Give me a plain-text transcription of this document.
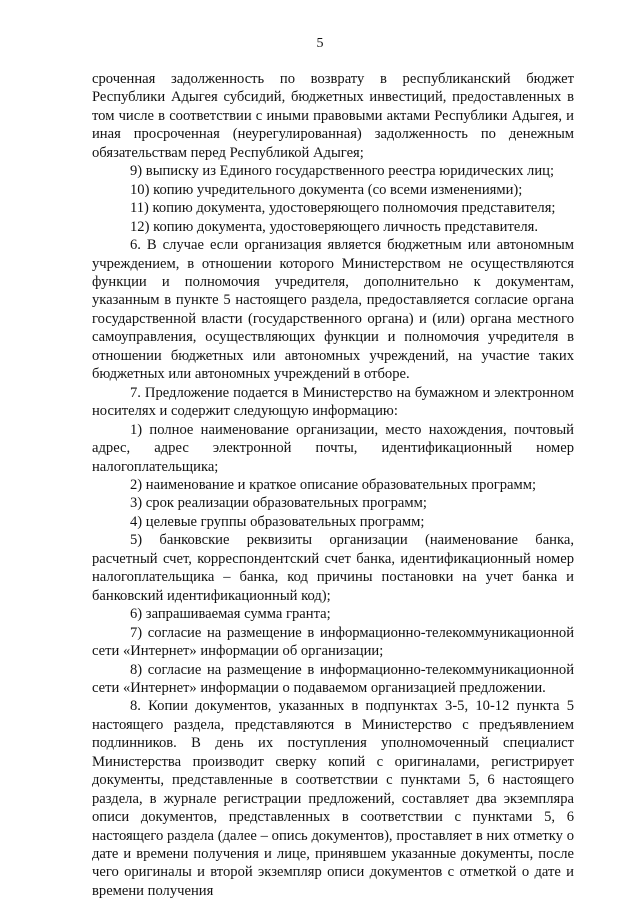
5

сроченная задолженность по возврату в республиканский бюджет Республики Адыгея субсидий, бюджетных инвестиций, предоставленных в том числе в соответствии с иными правовыми актами Республики Адыгея, и иная просроченная (неурегулированная) задолженность по денежным обязательствам перед Республикой Адыгея;

9) выписку из Единого государственного реестра юридических лиц;

10) копию учредительного документа (со всеми изменениями);

11) копию документа, удостоверяющего полномочия представителя;

12) копию документа, удостоверяющего личность представителя.

6. В случае если организация является бюджетным или автономным учреждением, в отношении которого Министерством не осуществляются функции и полномочия учредителя, дополнительно к документам, указанным в пункте 5 настоящего раздела, предоставляется согласие органа государственной власти (государственного органа) и (или) органа местного самоуправления, осуществляющих функции и полномочия учредителя в отношении бюджетных или автономных учреждений, на участие таких бюджетных или автономных учреждений в отборе.

7. Предложение подается в Министерство на бумажном и электронном носителях и содержит следующую информацию:

1) полное наименование организации, место нахождения, почтовый адрес, адрес электронной почты, идентификационный номер налогоплательщика;

2) наименование и краткое описание образовательных программ;

3) срок реализации образовательных программ;

4) целевые группы образовательных программ;

5) банковские реквизиты организации (наименование банка, расчетный счет, корреспондентский счет банка, идентификационный номер налогоплательщика – банка, код причины постановки на учет банка и банковский идентификационный код);

6) запрашиваемая сумма гранта;

7) согласие на размещение в информационно-телекоммуникационной сети «Интернет» информации об организации;

8) согласие на размещение в информационно-телекоммуникационной сети «Интернет» информации о подаваемом организацией предложении.

8. Копии документов, указанных в подпунктах 3-5, 10-12 пункта 5 настоящего раздела, представляются в Министерство с предъявлением подлинников. В день их поступления уполномоченный специалист Министерства производит сверку копий с оригиналами, регистрирует документы, представленные в соответствии с пунктами 5, 6 настоящего раздела, в журнале регистрации предложений, составляет два экземпляра описи документов, представленных в соответствии с пунктами 5, 6 настоящего раздела (далее – опись документов), проставляет в них отметку о дате и времени получения и лице, принявшем указанные документы, после чего оригиналы и второй экземпляр описи документов с отметкой о дате и времени получения
